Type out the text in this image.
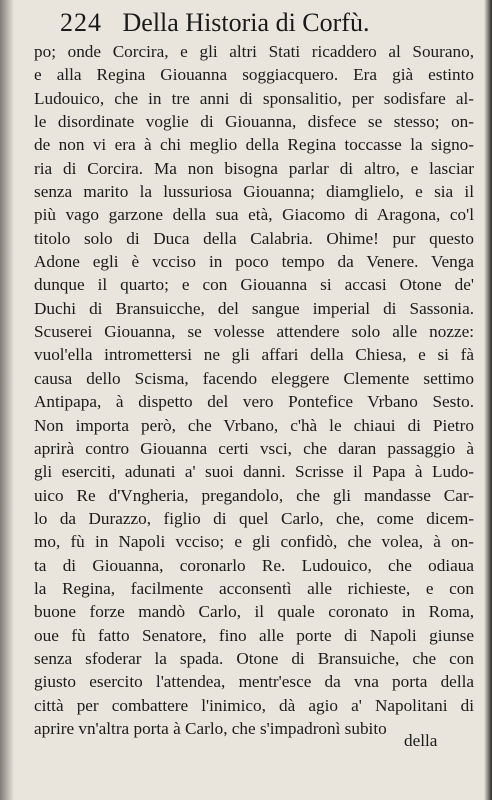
224 Della Historia di Corfù.
po; onde Corcira, e gli altri Stati ricaddero al Sourano,
e alla Regina Giouanna soggiacquero. Era già estinto
Ludouico, che in tre anni di sponsalitio, per sodisfare al-
le disordinate voglie di Giouanna, disfece se stesso; on-
de non vi era à chi meglio della Regina toccasse la signo-
ria di Corcira. Ma non bisogna parlar di altro, e lasciar
senza marito la lussuriosa Giouanna; diamglielo, e sia il
più vago garzone della sua età, Giacomo di Aragona, co'l
titolo solo di Duca della Calabria. Ohime! pur questo
Adone egli è vcciso in poco tempo da Venere. Venga
dunque il quarto; e con Giouanna si accasi Otone de'
Duchi di Bransuicche, del sangue imperial di Sassonia.
Scuserei Giouanna, se volesse attendere solo alle nozze:
vuol'ella intromettersi ne gli affari della Chiesa, e si fà
causa dello Scisma, facendo eleggere Clemente settimo
Antipapa, à dispetto del vero Pontefice Vrbano Sesto.
Non importa però, che Vrbano, c'hà le chiaui di Pietro
aprirà contro Giouanna certi vsci, che daran passaggio à
gli eserciti, adunati a' suoi danni. Scrisse il Papa à Ludo-
uico Re d'Vngheria, pregandolo, che gli mandasse Car-
lo da Durazzo, figlio di quel Carlo, che, come dicem-
mo, fù in Napoli vcciso; e gli confidò, che volea, à on-
ta di Giouanna, coronarlo Re. Ludouico, che odiaua
la Regina, facilmente acconsentì alle richieste, e con
buone forze mandò Carlo, il quale coronato in Roma,
oue fù fatto Senatore, fino alle porte di Napoli giunse
senza sfoderar la spada. Otone di Bransuiche, che con
giusto esercito l'attendea, mentr'esce da vna porta della
città per combattere l'inimico, dà agio a' Napolitani di
aprire vn'altra porta à Carlo, che s'impadronì subito
della
